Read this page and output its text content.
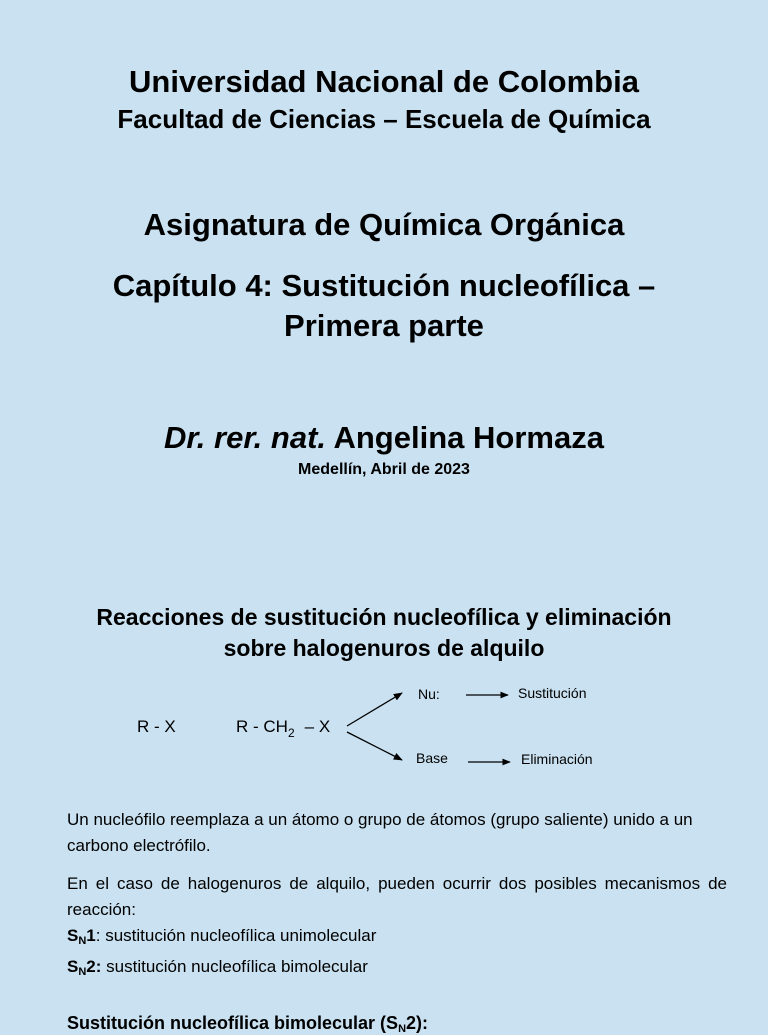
Universidad Nacional de Colombia
Facultad de Ciencias – Escuela de Química
Asignatura de Química Orgánica
Capítulo 4: Sustitución nucleofílica –
Primera parte
Dr. rer. nat. Angelina Hormaza
Medellín, Abril de 2023
Reacciones de sustitución nucleofílica y eliminación
sobre halogenuros de alquilo
R - X	R - $CH_2$ – X
Nu:	Sustitución
Base	Eliminación
Un nucleófilo reemplaza a un átomo o grupo de átomos (grupo saliente) unido a un carbono electrófilo.
En el caso de halogenuros de alquilo, pueden ocurrir dos posibles mecanismos de reacción:
$S_N1$: sustitución nucleofílica unimolecular
$S_N2$: sustitución nucleofílica bimolecular
Sustitución nucleofílica bimolecular $(S_N2)$:
